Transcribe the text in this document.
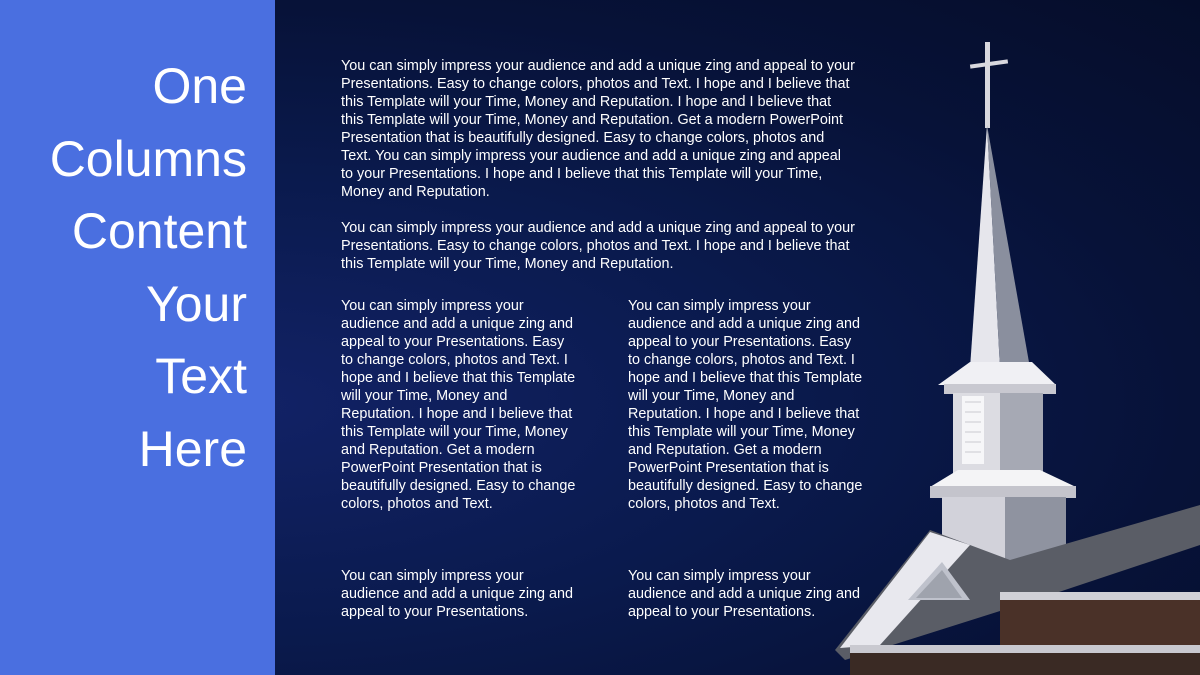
One
Columns
Content
Your
Text
Here

You can simply impress your audience and add a unique zing and appeal to your Presentations. Easy to change colors, photos and Text. I hope and I believe that this Template will your Time, Money and Reputation. I hope and I believe that this Template will your Time, Money and Reputation. Get a modern PowerPoint Presentation that is beautifully designed. Easy to change colors, photos and Text. You can simply impress your audience and add a unique zing and appeal to your Presentations. I hope and I believe that this Template will your Time, Money and Reputation.

You can simply impress your audience and add a unique zing and appeal to your Presentations. Easy to change colors, photos and Text. I hope and I believe that this Template will your Time, Money and Reputation.

You can simply impress your audience and add a unique zing and appeal to your Presentations. Easy to change colors, photos and Text. I hope and I believe that this Template will your Time, Money and Reputation. I hope and I believe that this Template will your Time, Money and Reputation. Get a modern PowerPoint Presentation that is beautifully designed. Easy to change colors, photos and Text.

You can simply impress your audience and add a unique zing and appeal to your Presentations.

You can simply impress your audience and add a unique zing and appeal to your Presentations. Easy to change colors, photos and Text. I hope and I believe that this Template will your Time, Money and Reputation. I hope and I believe that this Template will your Time, Money and Reputation. Get a modern PowerPoint Presentation that is beautifully designed. Easy to change colors, photos and Text.

You can simply impress your audience and add a unique zing and appeal to your Presentations.
